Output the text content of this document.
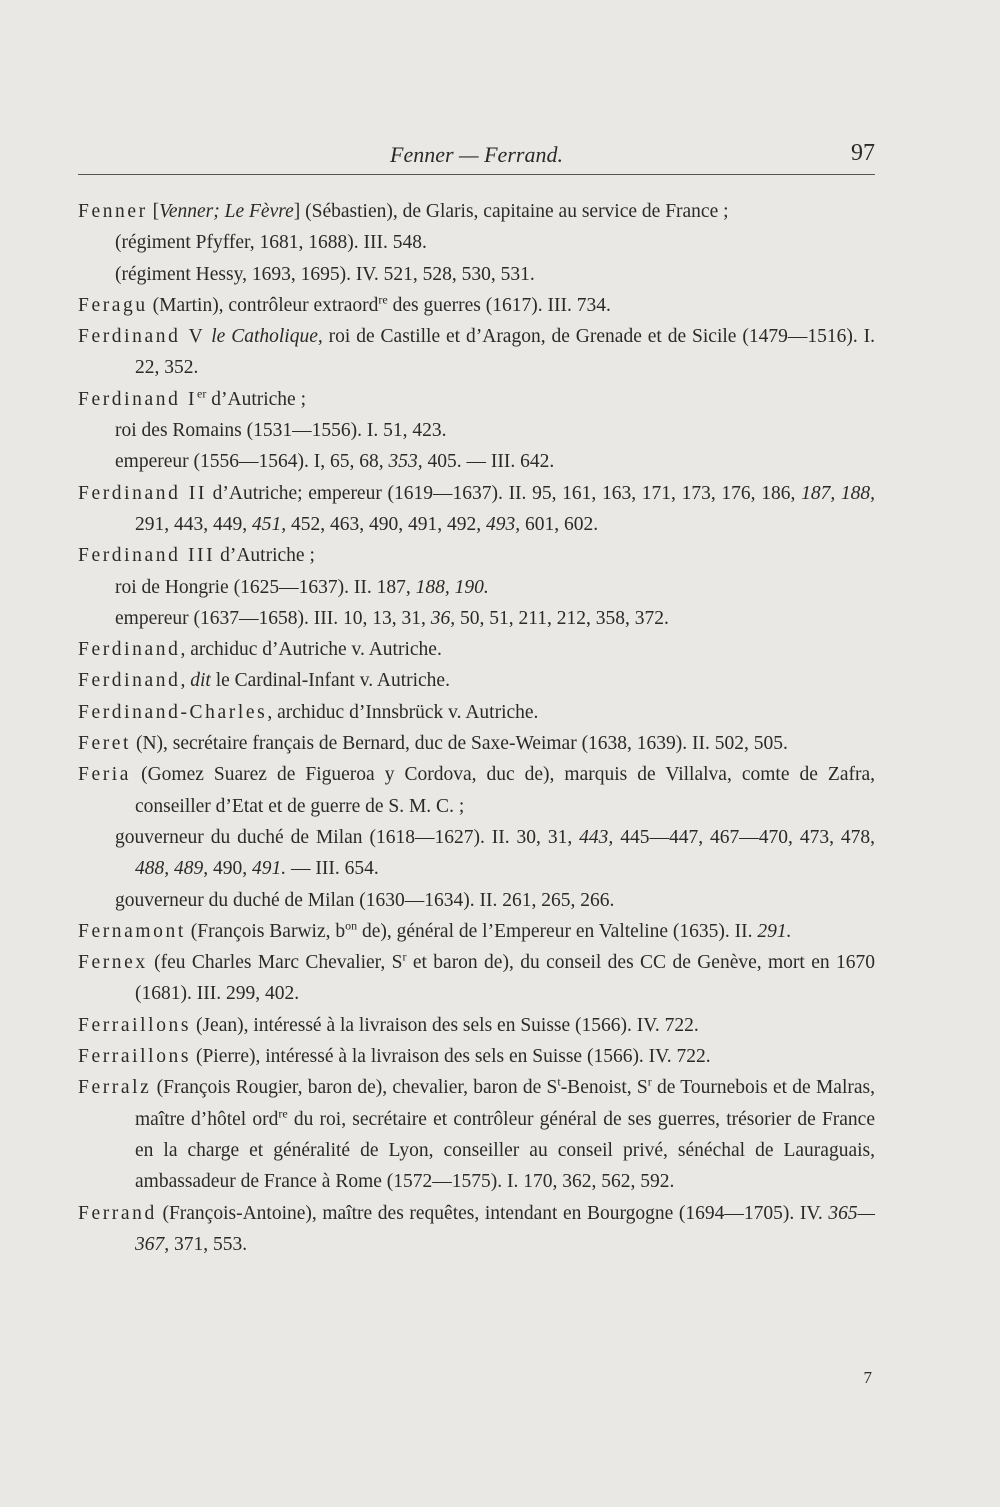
Fenner — Ferrand.	97
Fenner [Venner; Le Fèvre] (Sébastien), de Glaris, capitaine au service de France ;
(régiment Pfyffer, 1681, 1688). III. 548.
(régiment Hessy, 1693, 1695). IV. 521, 528, 530, 531.
Feragu (Martin), contrôleur extraord$^{re}$ des guerres (1617). III. 734.
Ferdinand V le Catholique, roi de Castille et d’Aragon, de Grenade et de Sicile (1479—1516). I. 22, 352.
Ferdinand Ier d’Autriche ;
roi des Romains (1531—1556). I. 51, 423.
empereur (1556—1564). I, 65, 68, 353, 405. — III. 642.
Ferdinand II d’Autriche; empereur (1619—1637). II. 95, 161, 163, 171, 173, 176, 186, 187, 188, 291, 443, 449, 451, 452, 463, 490, 491, 492, 493, 601, 602.
Ferdinand III d’Autriche ;
roi de Hongrie (1625—1637). II. 187, 188, 190.
empereur (1637—1658). III. 10, 13, 31, 36, 50, 51, 211, 212, 358, 372.
Ferdinand, archiduc d’Autriche v. Autriche.
Ferdinand, dit le Cardinal-Infant v. Autriche.
Ferdinand-Charles, archiduc d’Innsbrück v. Autriche.
Feret (N), secrétaire français de Bernard, duc de Saxe-Weimar (1638, 1639). II. 502, 505.
Feria (Gomez Suarez de Figueroa y Cordova, duc de), marquis de Villalva, comte de Zafra, conseiller d’Etat et de guerre de S. M. C. ;
gouverneur du duché de Milan (1618—1627). II. 30, 31, 443, 445—447, 467—470, 473, 478, 488, 489, 490, 491. — III. 654.
gouverneur du duché de Milan (1630—1634). II. 261, 265, 266.
Fernamont (François Barwiz, $b^{on}$ de), général de l’Empereur en Valteline (1635). II. 291.
Fernex (feu Charles Marc Chevalier, $S^r$ et baron de), du conseil des CC de Genève, mort en 1670 (1681). III. 299, 402.
Ferraillons (Jean), intéressé à la livraison des sels en Suisse (1566). IV. 722.
Ferraillons (Pierre), intéressé à la livraison des sels en Suisse (1566). IV. 722.
Ferralz (François Rougier, baron de), chevalier, baron de $S^t$-Benoist, $S^r$ de Tournebois et de Malras, maître d’hôtel ord$^{re}$ du roi, secrétaire et contrôleur général de ses guerres, trésorier de France en la charge et généralité de Lyon, conseiller au conseil privé, sénéchal de Lauraguais, ambassadeur de France à Rome (1572—1575). I. 170, 362, 562, 592.
Ferrand (François-Antoine), maître des requêtes, intendant en Bourgogne (1694—1705). IV. 365—367, 371, 553.
7
